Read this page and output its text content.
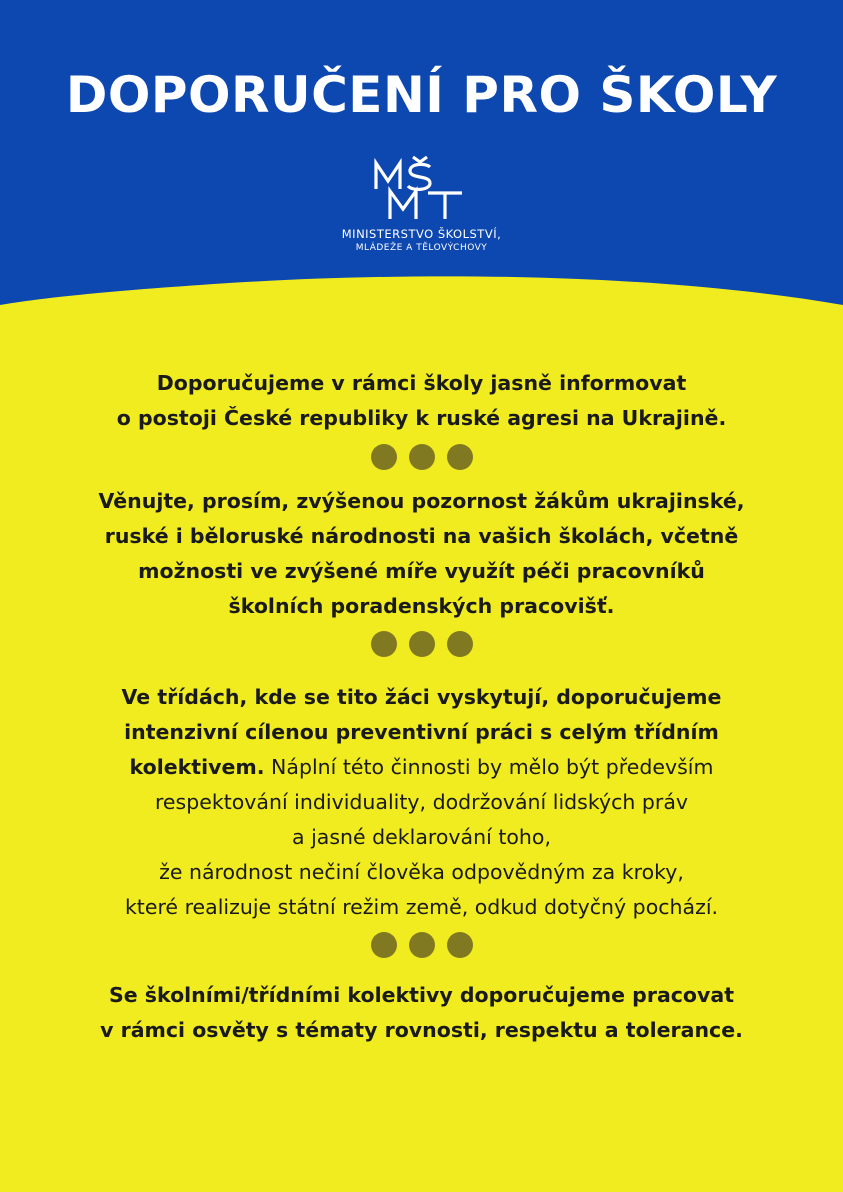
DOPORUČENÍ PRO ŠKOLY
MINISTERSTVO ŠKOLSTVÍ,
MLÁDEŽE A TĚLOVÝCHOVY

Doporučujeme v rámci školy jasně informovat
o postoji České republiky k ruské agresi na Ukrajině.

Věnujte, prosím, zvýšenou pozornost žákům ukrajinské,
ruské i běloruské národnosti na vašich školách, včetně
možnosti ve zvýšené míře využít péči pracovníků
školních poradenských pracovišť.

Ve třídách, kde se tito žáci vyskytují, doporučujeme
intenzivní cílenou preventivní práci s celým třídním
kolektivem. Náplní této činnosti by mělo být především
respektování individuality, dodržování lidských práv
a jasné deklarování toho,
že národnost nečiní člověka odpovědným za kroky,
které realizuje státní režim země, odkud dotyčný pochází.

Se školními/třídními kolektivy doporučujeme pracovat
v rámci osvěty s tématy rovnosti, respektu a tolerance.
